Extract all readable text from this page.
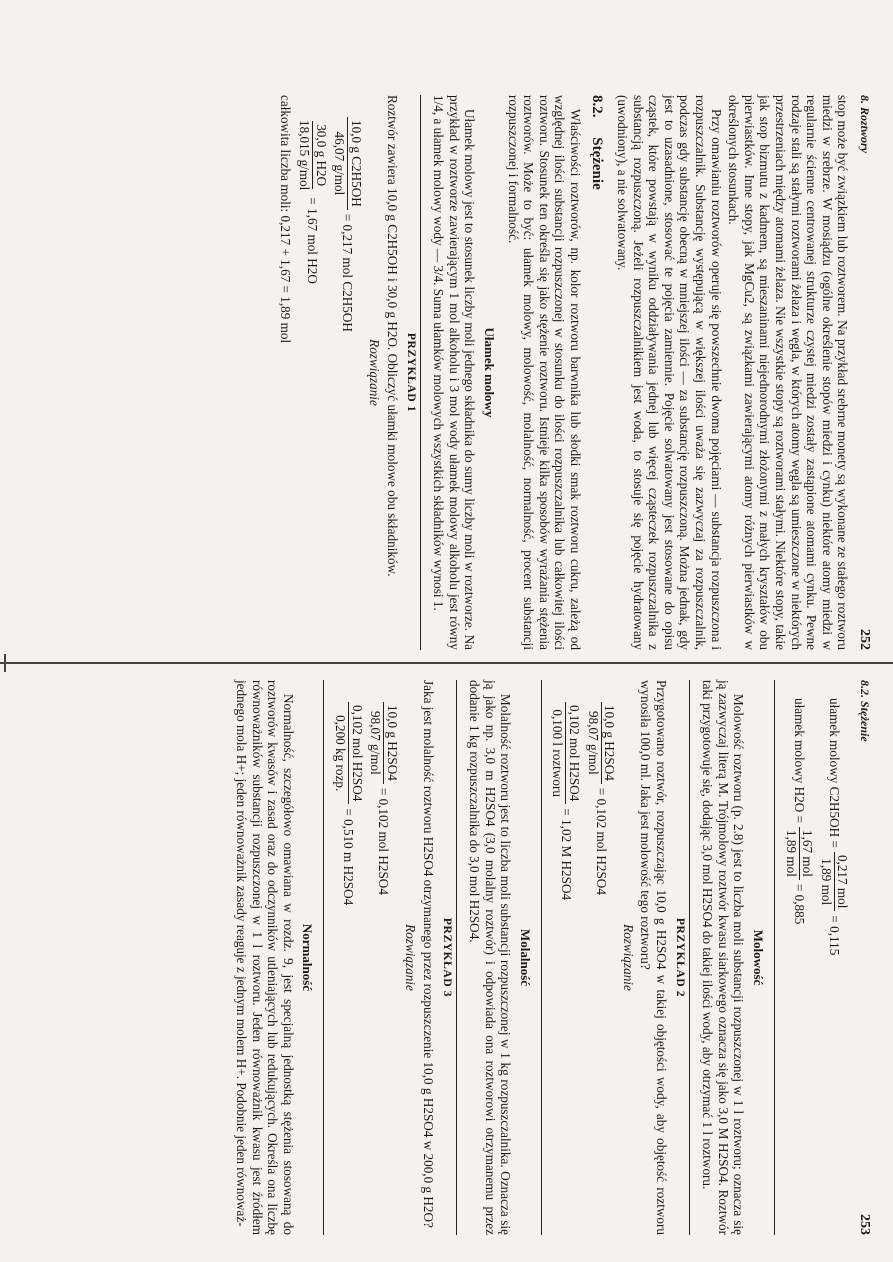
8. Roztwory
252

stop może być związkiem lub roztworem. Na przykład srebrne monety są wykonane ze stałego roztworu miedzi w srebrze. W mosiądzu (ogólne określenie stopów miedzi i cynku) niektóre atomy miedzi w regularnie ścienne centrowanej strukturze czystej miedzi zostały zastąpione atomami cynku. Pewne rodzaje stali są stałymi roztworami żelaza i węgla, w których atomy węgla są umieszczone w niektórych przestrzeniach między atomami żelaza. Nie wszystkie stopy są roztworami stałymi. Niektóre stopy, takie jak stop bizmutu z kadmem, są mieszaninami niejednorodnymi złożonymi z małych kryształów obu pierwiastków. Inne stopy, jak MgCu2, są związkami zawierającymi atomy różnych pierwiastków w określonych stosunkach.

Przy omawianiu roztworów operuje się powszechnie dwoma pojęciami — substancja rozpuszczona i rozpuszczalnik. Substancję występującą w większej ilości uważa się zazwyczaj za rozpuszczalnik, podczas gdy substancję obecną w mniejszej ilości — za substancję rozpuszczoną. Można jednak, gdy jest to uzasadnione, stosować te pojęcia zamiennie. Pojęcie solwatowany jest stosowane do opisu cząstek, które powstają w wyniku oddziaływania jednej lub więcej cząsteczek rozpuszczalnika z substancją rozpuszczoną. Jeżeli rozpuszczalnikiem jest woda, to stosuje się pojęcie hydratowany (uwodniony), a nie solwatowany.

8.2. Stężenie

Właściwości roztworów, np. kolor roztworu barwnika lub słodki smak roztworu cukru, zależą od względnej ilości substancji rozpuszczonej w stosunku do ilości rozpuszczalnika lub całkowitej ilości roztworu. Stosunek ten określa się jako stężenie roztworu. Istnieje kilka sposobów wyrażania stężenia roztworów. Może to być: ułamek molowy, molowość, molalność, normalność, procent substancji rozpuszczonej i formalność.

Ułamek molowy

Ułamek molowy jest to stosunek liczby moli jednego składnika do sumy liczby moli w roztworze. Na przykład w roztworze zawierającym 1 mol alkoholu i 3 mol wody ułamek molowy alkoholu jest równy 1/4, a ułamek molowy wody — 3/4. Suma ułamków molowych wszystkich składników wynosi 1.

PRZYKŁAD 1

Roztwór zawiera 10,0 g C2H5OH i 30,0 g H2O. Obliczyć ułamki molowe obu składników.

Rozwiązanie
10,0 g C2H5OH
46,07 g/mol
= 0,217 mol C2H5OH
30,0 g H2O
18,015 g/mol
= 1,67 mol H2O

całkowita liczba moli: 0,217 + 1,67 = 1,89 mol

8.2. Stężenie
253
ułamek molowy C2H5OH =
0,217 mol
1,89 mol
= 0,115
ułamek molowy H2O =
1,67 mol
1,89 mol
= 0,885
Molowość

Molowość roztworu (p. 2.8) jest to liczba moli substancji rozpuszczonej w 1 l roztworu; oznacza się ją zazwyczaj literą M. Trójmolowy roztwór kwasu siarkowego oznacza się jako 3,0 M H2SO4. Roztwór taki przygotowuje się, dodając 3,0 mol H2SO4 do takiej ilości wody, aby otrzymać 1 l roztworu.

PRZYKŁAD 2

Przygotowano roztwór, rozpuszczając 10,0 g H2SO4 w takiej objętości wody, aby objętość roztworu wynosiła 100,0 ml. Jaka jest molowość tego roztworu?

Rozwiązanie
10,0 g H2SO4
98,07 g/mol
= 0,102 mol H2SO4
0,102 mol H2SO4
0,100 l roztworu
= 1,02 M H2SO4
Molalność

Molalność roztworu jest to liczba moli substancji rozpuszczonej w 1 kg rozpuszczalnika. Oznacza się ją jako np. 3,0 m H2SO4 (3,0 molalny roztwór) i odpowiada ona roztworowi otrzymanemu przez dodanie 1 kg rozpuszczalnika do 3,0 mol H2SO4.

PRZYKŁAD 3

Jaka jest molalność roztworu H2SO4 otrzymanego przez rozpuszczenie 10,0 g H2SO4 w 200,0 g H2O?

Rozwiązanie
10,0 g H2SO4
98,07 g/mol
= 0,102 mol H2SO4
0,102 mol H2SO4
0,200 kg rozp.
= 0,510 m H2SO4
Normalność

Normalność, szczegółowo omawiana w rozdz. 9, jest specjalną jednostką stężenia stosowaną do roztworów kwasów i zasad oraz do odczynników utleniających lub redukujących. Określa ona liczbę równoważników substancji rozpuszczonej w 1 l roztworu. Jeden równoważnik kwasu jest źródłem jednego mola H+; jeden równoważnik zasady reaguje z jednym molem H+. Podobnie jeden równoważ-
